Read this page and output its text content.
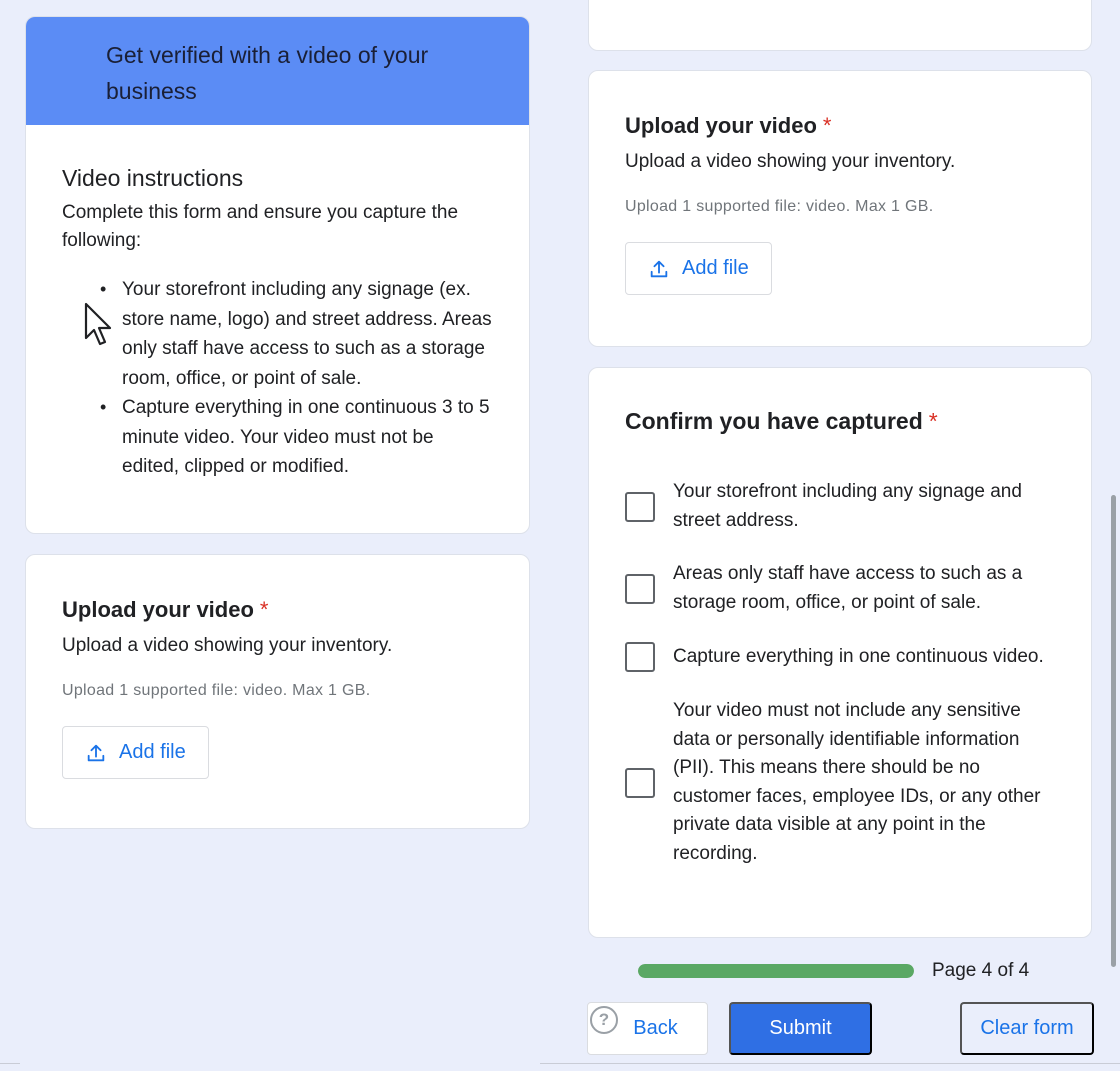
Get verified with a video of your business
Video instructions
Complete this form and ensure you capture the following:
• Your storefront including any signage (ex. store name, logo) and street address. Areas only staff have access to such as a storage room, office, or point of sale.
• Capture everything in one continuous 3 to 5 minute video. Your video must not be edited, clipped or modified.
Upload your video *
Upload a video showing your inventory.
Upload 1 supported file: video. Max 1 GB.
Add file
Upload your video *
Upload a video showing your inventory.
Upload 1 supported file: video. Max 1 GB.
Add file
Confirm you have captured *
Your storefront including any signage and street address.
Areas only staff have access to such as a storage room, office, or point of sale.
Capture everything in one continuous video.
Your video must not include any sensitive data or personally identifiable information (PII). This means there should be no customer faces, employee IDs, or any other private data visible at any point in the recording.
Page 4 of 4
Back
?	Submit	Clear form
